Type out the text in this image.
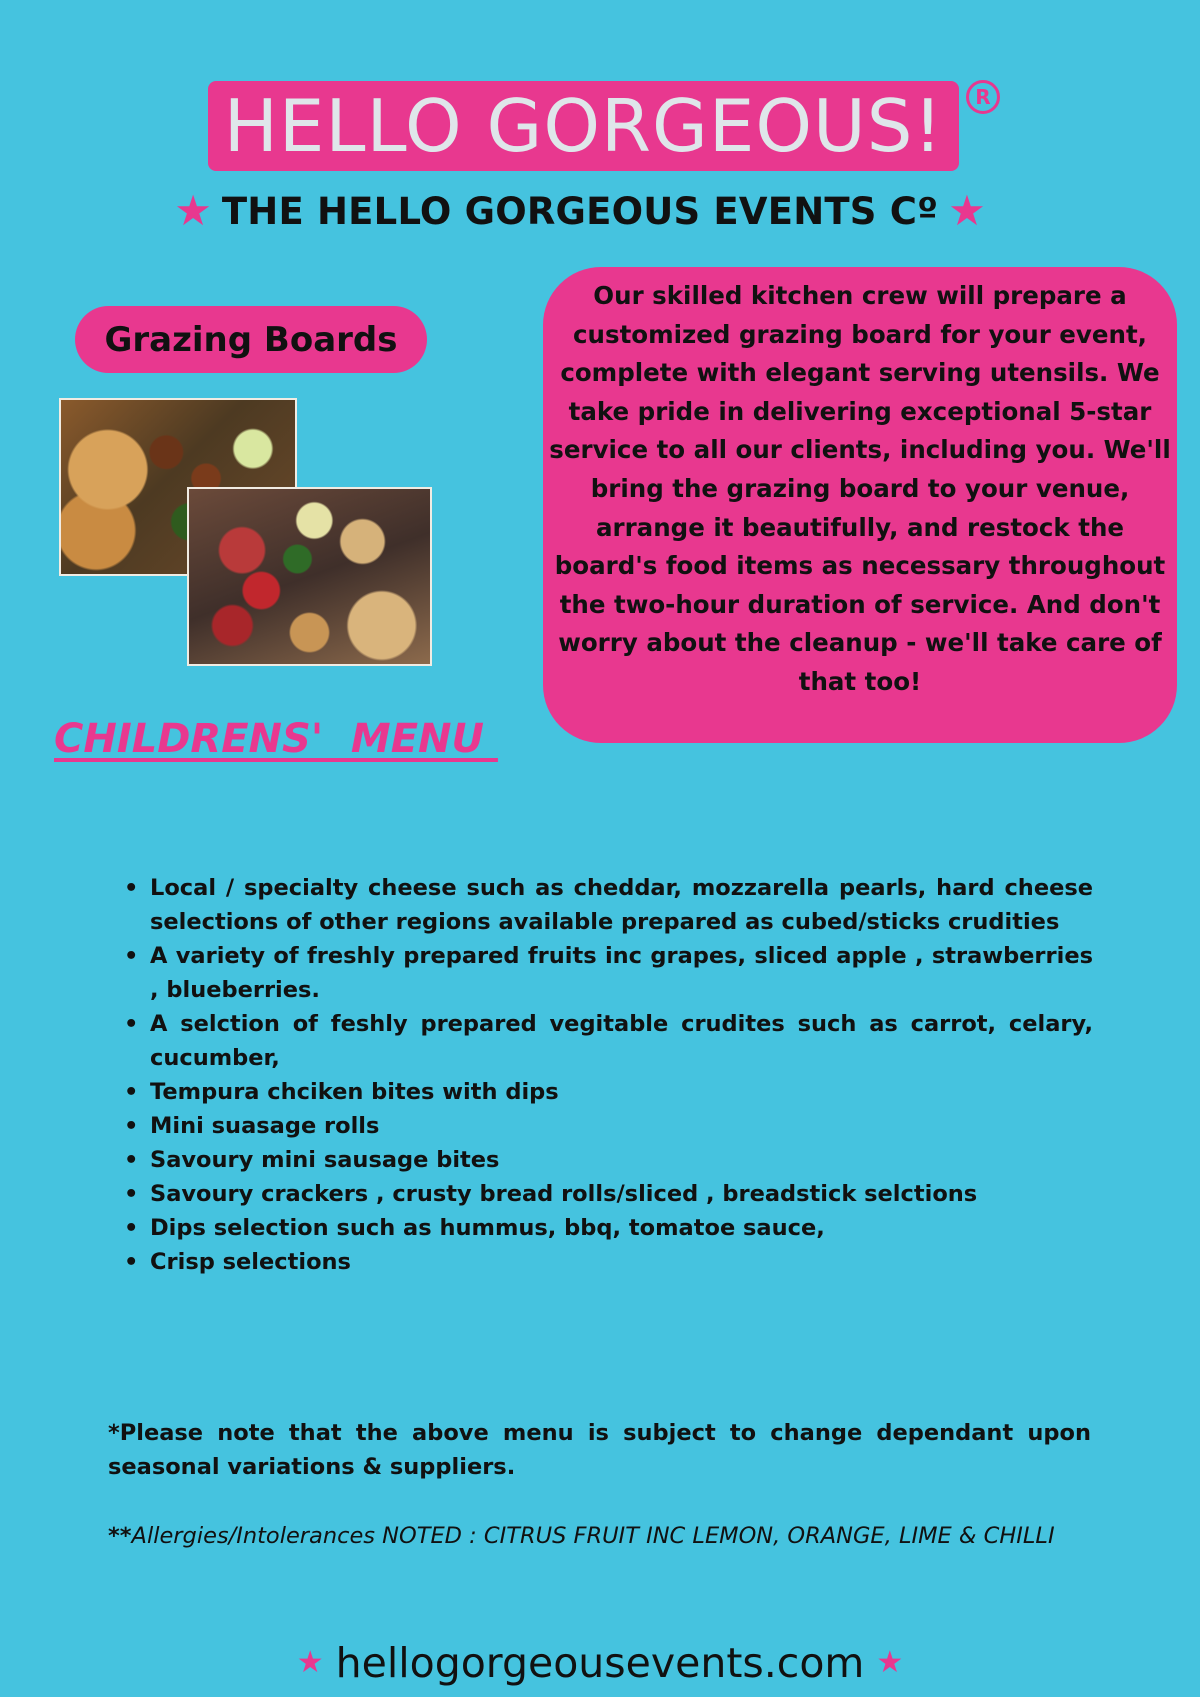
HELLO GORGEOUS!	R
★ THE HELLO GORGEOUS EVENTS Cº ★
Grazing Boards
Our skilled kitchen crew will prepare a customized grazing board for your event, complete with elegant serving utensils. We take pride in delivering exceptional 5-star service to all our clients, including you. We'll bring the grazing board to your venue, arrange it beautifully, and restock the board's food items as necessary throughout the two-hour duration of service. And don't worry about the cleanup - we'll take care of that too!
CHILDRENS'  MENU
• Local / specialty cheese such as cheddar, mozzarella pearls, hard cheese selections of other regions available prepared as cubed/sticks crudities
• A variety of freshly prepared fruits inc grapes, sliced apple , strawberries , blueberries.
• A selction of feshly prepared vegitable crudites such as carrot, celary, cucumber,
• Tempura chciken bites with dips
• Mini suasage rolls
• Savoury mini sausage bites
• Savoury crackers , crusty bread rolls/sliced , breadstick selctions
• Dips selection such as hummus, bbq, tomatoe sauce,
• Crisp selections
*Please note that the above menu is subject to change dependant upon seasonal variations & suppliers.
**Allergies/Intolerances NOTED : CITRUS FRUIT INC LEMON, ORANGE, LIME & CHILLI
★ hellogorgeousevents.com ★
